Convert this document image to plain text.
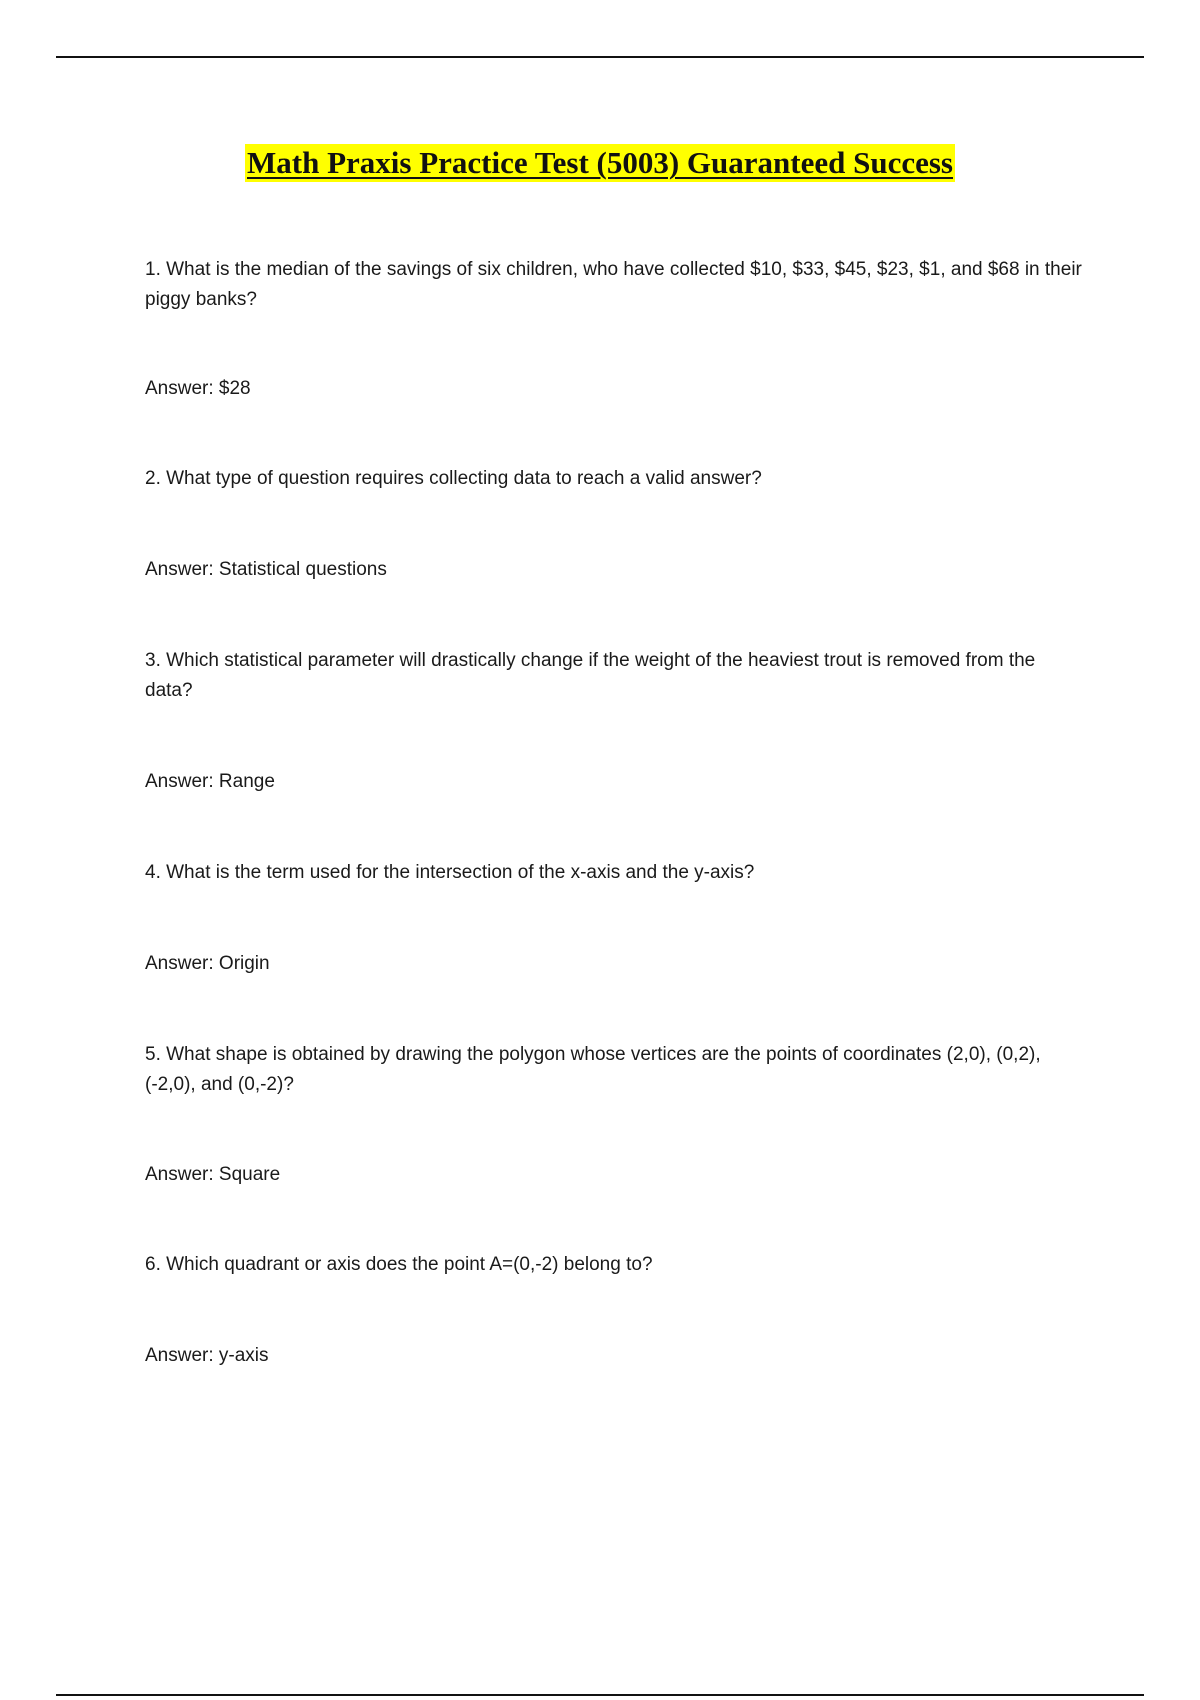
Math Praxis Practice Test (5003) Guaranteed Success

1. What is the median of the savings of six children, who have collected $10, $33, $45, $23, $1, and $68 in their piggy banks?

Answer: $28

2. What type of question requires collecting data to reach a valid answer?

Answer: Statistical questions

3. Which statistical parameter will drastically change if the weight of the heaviest trout is removed from the data?

Answer: Range

4. What is the term used for the intersection of the x-axis and the y-axis?

Answer: Origin

5. What shape is obtained by drawing the polygon whose vertices are the points of coordinates (2,0), (0,2), (-2,0), and (0,-2)?

Answer: Square

6. Which quadrant or axis does the point A=(0,-2) belong to?

Answer: y-axis
